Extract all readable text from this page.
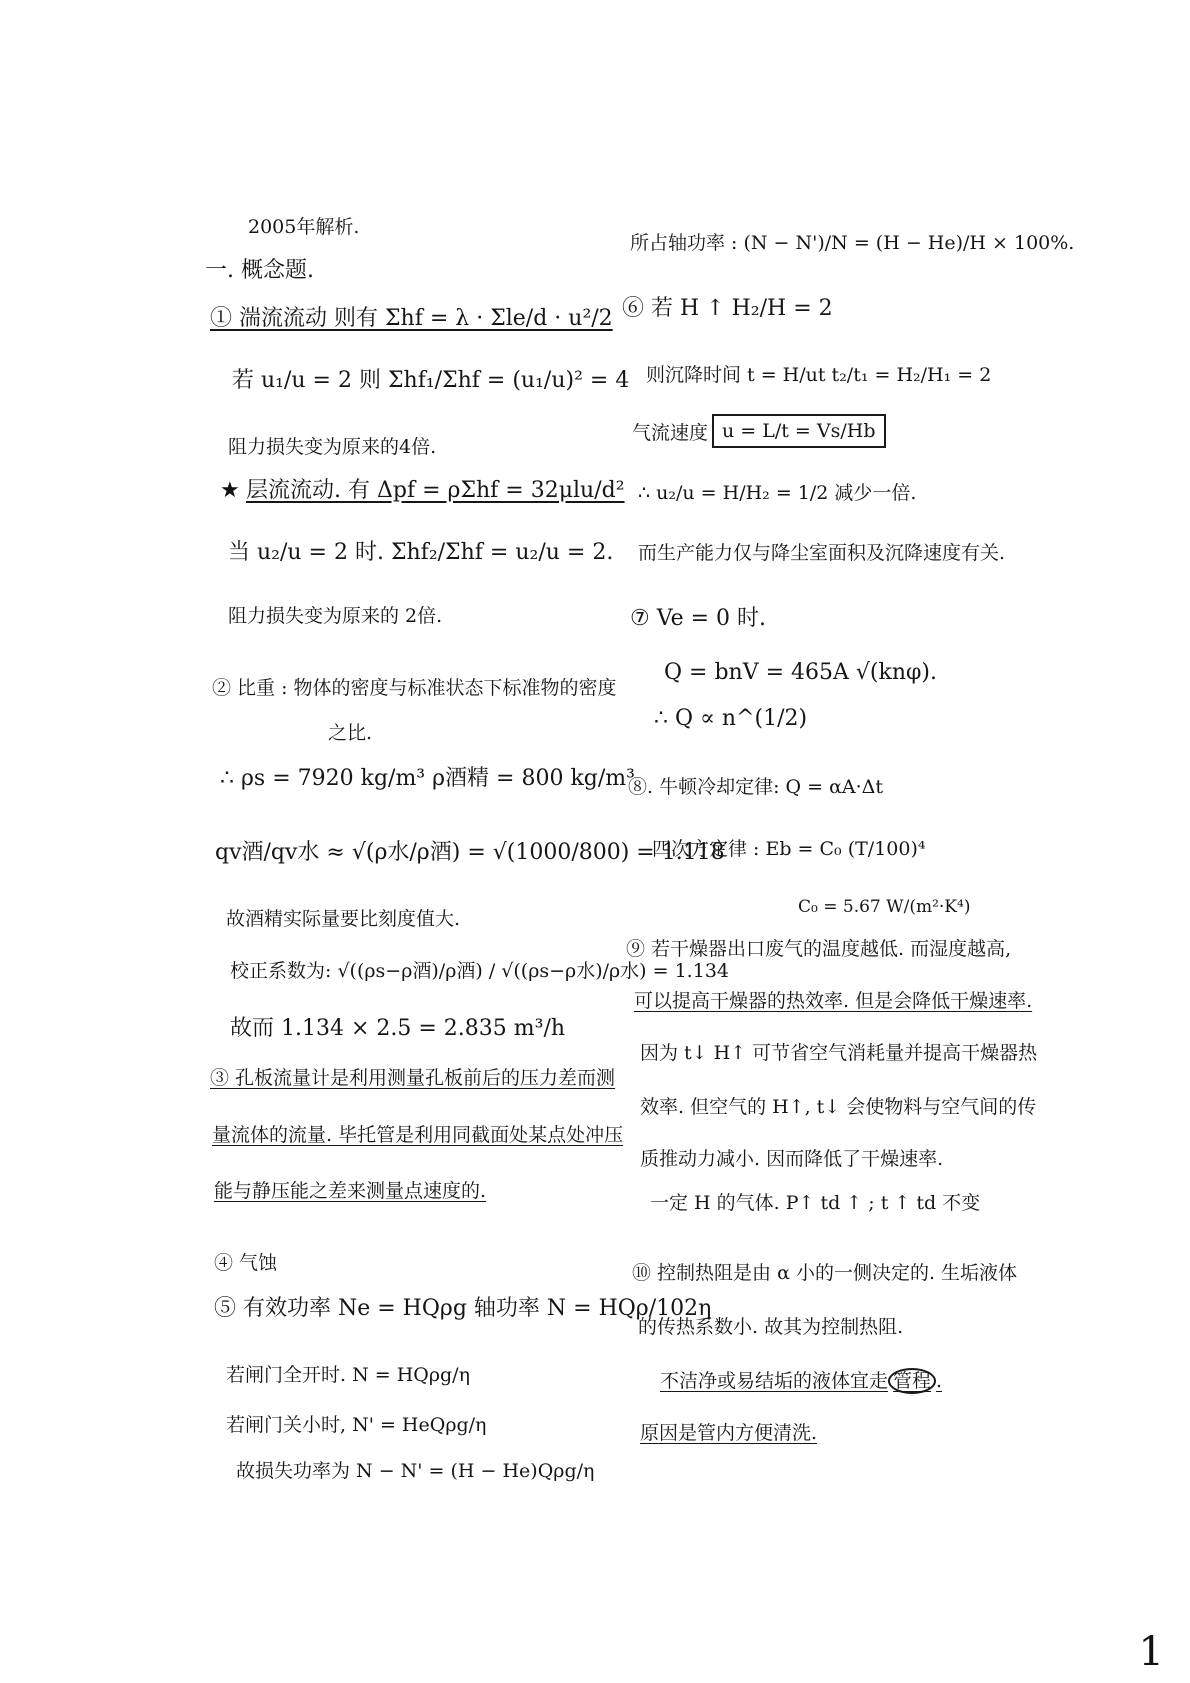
2005年解析.
一. 概念题.
① 湍流流动 则有 Σhf = λ · Σle/d · u²/2
若 u₁/u = 2 则 Σhf₁/Σhf = (u₁/u)² = 4
阻力损失变为原来的4倍.
★ 层流流动. 有 Δpf = ρΣhf = 32μlu/d²
当 u₂/u = 2 时. Σhf₂/Σhf = u₂/u = 2.
阻力损失变为原来的 2倍.
② 比重 : 物体的密度与标准状态下标准物的密度
之比.
∴ ρs = 7920 kg/m³ ρ酒精 = 800 kg/m³
qv酒/qv水 ≈ √(ρ水/ρ酒) = √(1000/800) = 1.118
故酒精实际量要比刻度值大.
校正系数为: √((ρs−ρ酒)/ρ酒) / √((ρs−ρ水)/ρ水) = 1.134
故而 1.134 × 2.5 = 2.835 m³/h
③ 孔板流量计是利用测量孔板前后的压力差而测
量流体的流量. 毕托管是利用同截面处某点处冲压
能与静压能之差来测量点速度的.
④ 气蚀
⑤ 有效功率 Ne = HQρg 轴功率 N = HQρ/102η
若闸门全开时. N = HQρg/η
若闸门关小时, N' = HeQρg/η
故损失功率为 N − N' = (H − He)Qρg/η
所占轴功率 : (N − N')/N = (H − He)/H × 100%.
⑥ 若 H ↑ H₂/H = 2
则沉降时间 t = H/ut t₂/t₁ = H₂/H₁ = 2
气流速度 u = L/t = Vs/Hb
∴ u₂/u = H/H₂ = 1/2 减少一倍.
而生产能力仅与降尘室面积及沉降速度有关.
⑦ Ve = 0 时.
Q = bnV = 465A √(knφ).
∴ Q ∝ n^(1/2)
⑧. 牛顿冷却定律: Q = αA·Δt
四次方定律 : Eb = C₀ (T/100)⁴
C₀ = 5.67 W/(m²·K⁴)
⑨ 若干燥器出口废气的温度越低. 而湿度越高,
可以提高干燥器的热效率. 但是会降低干燥速率.
因为 t↓ H↑ 可节省空气消耗量并提高干燥器热
效率. 但空气的 H↑, t↓ 会使物料与空气间的传
质推动力减小. 因而降低了干燥速率.
一定 H 的气体. P↑ td ↑ ; t ↑ td 不变
⑩ 控制热阻是由 α 小的一侧决定的. 生垢液体
的传热系数小. 故其为控制热阻.
不洁净或易结垢的液体宜走 管程 .
原因是管内方便清洗.
1
